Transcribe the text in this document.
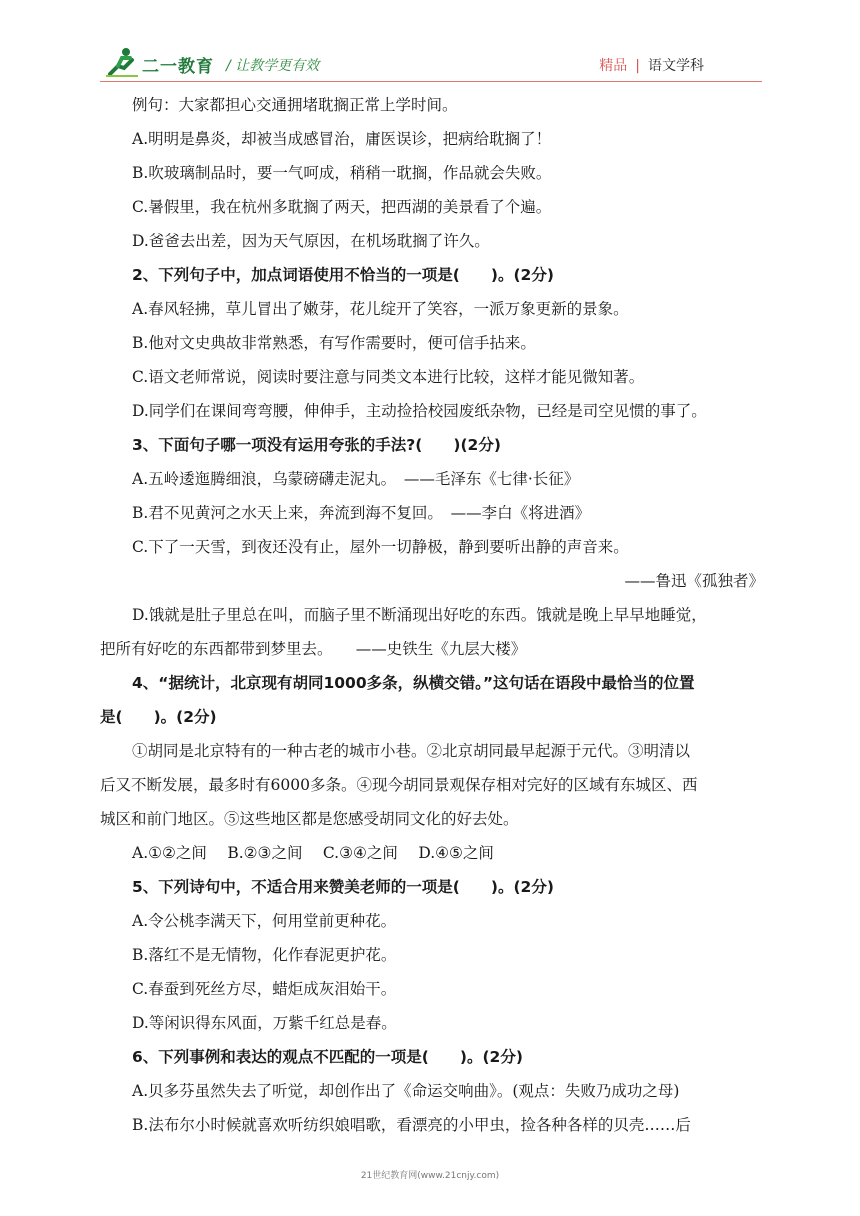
二一教育 / 让教学更有效	精品 | 语文学科
例句：大家都担心交通拥堵耽搁正常上学时间。
A.明明是鼻炎，却被当成感冒治，庸医误诊，把病给耽搁了！
B.吹玻璃制品时，要一气呵成，稍稍一耽搁，作品就会失败。
C.暑假里，我在杭州多耽搁了两天，把西湖的美景看了个遍。
D.爸爸去出差，因为天气原因，在机场耽搁了许久。
2、下列句子中，加点词语使用不恰当的一项是(　　)。(2分)
A.春风轻拂，草儿冒出了嫩芽，花儿绽开了笑容，一派万象更新的景象。
B.他对文史典故非常熟悉，有写作需要时，便可信手拈来。
C.语文老师常说，阅读时要注意与同类文本进行比较，这样才能见微知著。
D.同学们在课间弯弯腰，伸伸手，主动捡拾校园废纸杂物，已经是司空见惯的事了。
3、下面句子哪一项没有运用夸张的手法?(　　)(2分)
A.五岭逶迤腾细浪，乌蒙磅礴走泥丸。　——毛泽东《七律·长征》
B.君不见黄河之水天上来，奔流到海不复回。　——李白《将进酒》
C.下了一天雪，到夜还没有止，屋外一切静极，静到要听出静的声音来。
——鲁迅《孤独者》
D.饿就是肚子里总在叫，而脑子里不断涌现出好吃的东西。饿就是晚上早早地睡觉，
把所有好吃的东西都带到梦里去。　　——史铁生《九层大楼》
4、“据统计，北京现有胡同1000多条，纵横交错。”这句话在语段中最恰当的位置
是(　　)。(2分)
①胡同是北京特有的一种古老的城市小巷。②北京胡同最早起源于元代。③明清以
后又不断发展，最多时有6000多条。④现今胡同景观保存相对完好的区域有东城区、西
城区和前门地区。⑤这些地区都是您感受胡同文化的好去处。
A.①②之间　 B.②③之间　 C.③④之间　 D.④⑤之间
5、下列诗句中，不适合用来赞美老师的一项是(　　)。(2分)
A.令公桃李满天下，何用堂前更种花。
B.落红不是无情物，化作春泥更护花。
C.春蚕到死丝方尽，蜡炬成灰泪始干。
D.等闲识得东风面，万紫千红总是春。
6、下列事例和表达的观点不匹配的一项是(　　)。(2分)
A.贝多芬虽然失去了听觉，却创作出了《命运交响曲》。(观点：失败乃成功之母)
B.法布尔小时候就喜欢听纺织娘唱歌，看漂亮的小甲虫，捡各种各样的贝壳……后
21世纪教育网(www.21cnjy.com)
